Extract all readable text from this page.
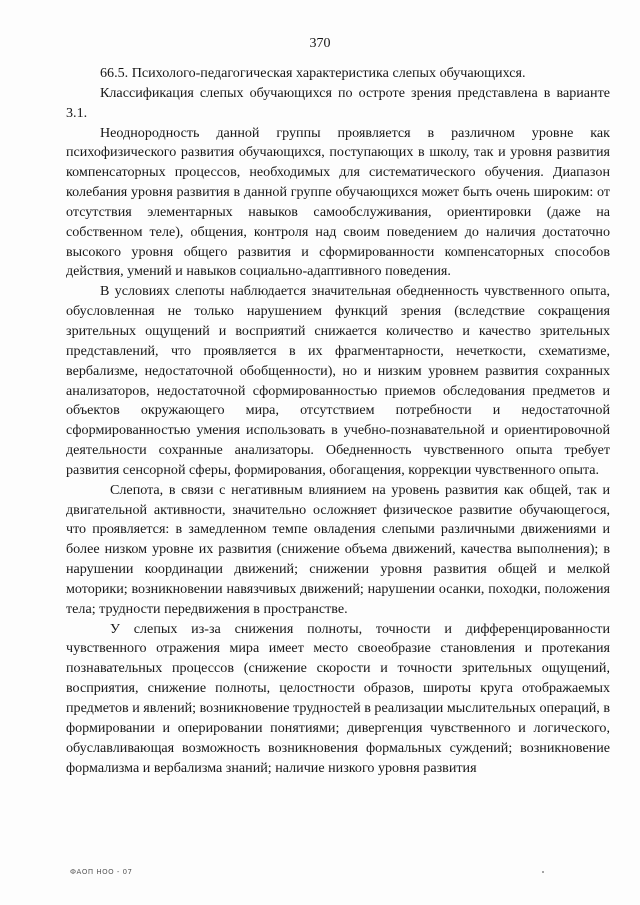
370

66.5. Психолого-педагогическая характеристика слепых обучающихся.

Классификация слепых обучающихся по остроте зрения представлена в варианте 3.1.

Неоднородность данной группы проявляется в различном уровне как психофизического развития обучающихся, поступающих в школу, так и уровня развития компенсаторных процессов, необходимых для систематического обучения. Диапазон колебания уровня развития в данной группе обучающихся может быть очень широким: от отсутствия элементарных навыков самообслуживания, ориентировки (даже на собственном теле), общения, контроля над своим поведением до наличия достаточно высокого уровня общего развития и сформированности компенсаторных способов действия, умений и навыков социально-адаптивного поведения.

В условиях слепоты наблюдается значительная обедненность чувственного опыта, обусловленная не только нарушением функций зрения (вследствие сокращения зрительных ощущений и восприятий снижается количество и качество зрительных представлений, что проявляется в их фрагментарности, нечеткости, схематизме, вербализме, недостаточной обобщенности), но и низким уровнем развития сохранных анализаторов, недостаточной сформированностью приемов обследования предметов и объектов окружающего мира, отсутствием потребности и недостаточной сформированностью умения использовать в учебно-познавательной и ориентировочной деятельности сохранные анализаторы. Обедненность чувственного опыта требует развития сенсорной сферы, формирования, обогащения, коррекции чувственного опыта.

Слепота, в связи с негативным влиянием на уровень развития как общей, так и двигательной активности, значительно осложняет физическое развитие обучающегося, что проявляется: в замедленном темпе овладения слепыми различными движениями и более низком уровне их развития (снижение объема движений, качества выполнения); в нарушении координации движений; снижении уровня развития общей и мелкой моторики; возникновении навязчивых движений; нарушении осанки, походки, положения тела; трудности передвижения в пространстве.

У слепых из-за снижения полноты, точности и дифференцированности чувственного отражения мира имеет место своеобразие становления и протекания познавательных процессов (снижение скорости и точности зрительных ощущений, восприятия, снижение полноты, целостности образов, широты круга отображаемых предметов и явлений; возникновение трудностей в реализации мыслительных операций, в формировании и оперировании понятиями; дивергенция чувственного и логического, обуславливающая возможность возникновения формальных суждений; возникновение формализма и вербализма знаний; наличие низкого уровня развития

ФАОП НОО - 07
